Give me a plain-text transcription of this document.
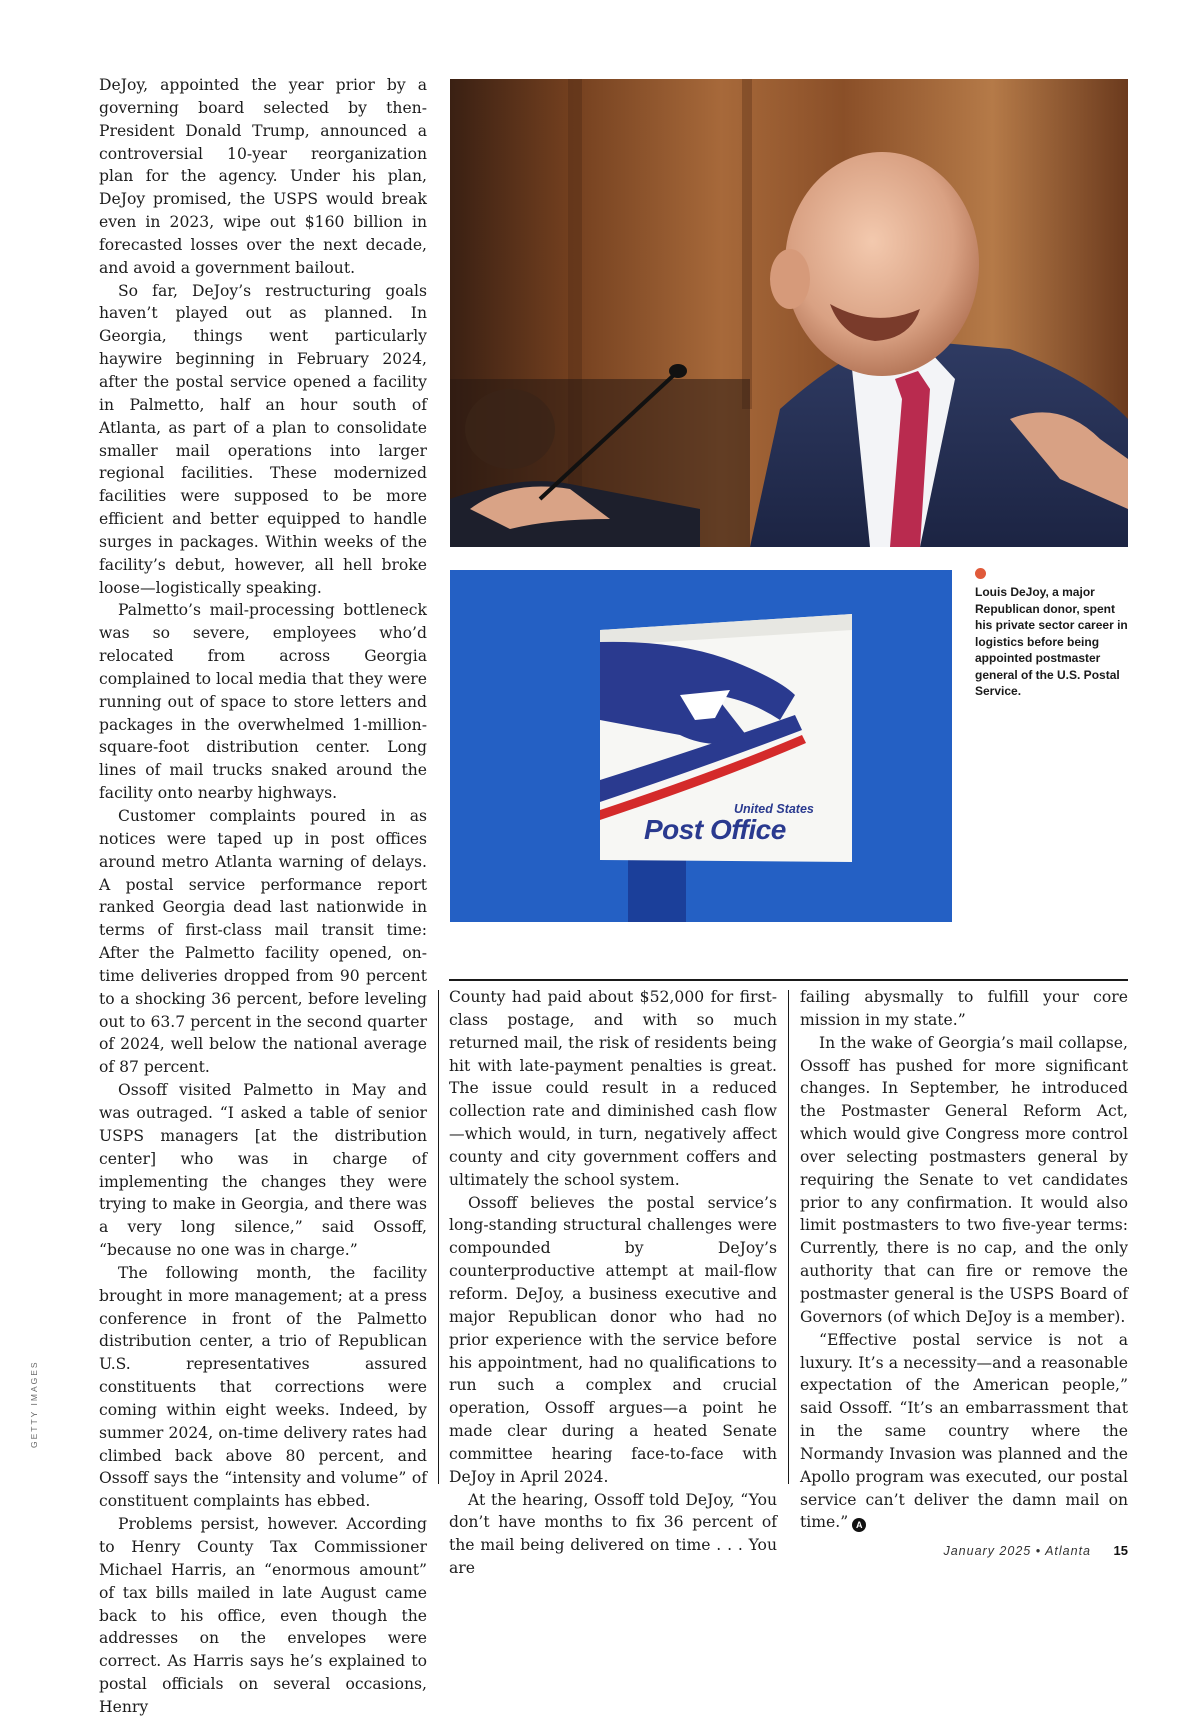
DeJoy, appointed the year prior by a governing board selected by then-President Donald Trump, announced a controversial 10-year reorganization plan for the agency. Under his plan, DeJoy promised, the USPS would break even in 2023, wipe out $160 billion in forecasted losses over the next decade, and avoid a government bailout.

So far, DeJoy’s restructuring goals haven’t played out as planned. In Georgia, things went particularly haywire beginning in February 2024, after the postal service opened a facility in Palmetto, half an hour south of Atlanta, as part of a plan to consolidate smaller mail operations into larger regional facilities. These modernized facilities were supposed to be more efficient and better equipped to handle surges in packages. Within weeks of the facility’s debut, however, all hell broke loose—logistically speaking.

Palmetto’s mail-processing bottleneck was so severe, employees who’d relocated from across Georgia complained to local media that they were running out of space to store letters and packages in the overwhelmed 1-million-square-foot distribution center. Long lines of mail trucks snaked around the facility onto nearby highways.

Customer complaints poured in as notices were taped up in post offices around metro Atlanta warning of delays. A postal service performance report ranked Georgia dead last nationwide in terms of first-class mail transit time: After the Palmetto facility opened, on-time deliveries dropped from 90 percent to a shocking 36 percent, before leveling out to 63.7 percent in the second quarter of 2024, well below the national average of 87 percent.

Ossoff visited Palmetto in May and was outraged. “I asked a table of senior USPS managers [at the distribution center] who was in charge of implementing the changes they were trying to make in Georgia, and there was a very long silence,” said Ossoff, “because no one was in charge.”

The following month, the facility brought in more management; at a press conference in front of the Palmetto distribution center, a trio of Republican U.S. representatives assured constituents that corrections were coming within eight weeks. Indeed, by summer 2024, on-time delivery rates had climbed back above 80 percent, and Ossoff says the “intensity and volume” of constituent complaints has ebbed.

Problems persist, however. According to Henry County Tax Commissioner Michael Harris, an “enormous amount” of tax bills mailed in late August came back to his office, even though the addresses on the envelopes were correct. As Harris says he’s explained to postal officials on several occasions, Henry

United States
Post Office
Louis DeJoy, a major Republican donor, spent his private sector career in logistics before being appointed postmaster general of the U.S. Postal Service.

County had paid about $52,000 for first-class postage, and with so much returned mail, the risk of residents being hit with late-payment penalties is great. The issue could result in a reduced collection rate and diminished cash flow—which would, in turn, negatively affect county and city government coffers and ultimately the school system.

Ossoff believes the postal service’s long-standing structural challenges were compounded by DeJoy’s counterproductive attempt at mail-flow reform. DeJoy, a business executive and major Republican donor who had no prior experience with the service before his appointment, had no qualifications to run such a complex and crucial operation, Ossoff argues—a point he made clear during a heated Senate committee hearing face-to-face with DeJoy in April 2024.

At the hearing, Ossoff told DeJoy, “You don’t have months to fix 36 percent of the mail being delivered on time . . . You are

failing abysmally to fulfill your core mission in my state.”

In the wake of Georgia’s mail collapse, Ossoff has pushed for more significant changes. In September, he introduced the Postmaster General Reform Act, which would give Congress more control over selecting postmasters general by requiring the Senate to vet candidates prior to any confirmation. It would also limit postmasters to two five-year terms: Currently, there is no cap, and the only authority that can fire or remove the postmaster general is the USPS Board of Governors (of which DeJoy is a member).

“Effective postal service is not a luxury. It’s a necessity—and a reasonable expectation of the American people,” said Ossoff. “It’s an embarrassment that in the same country where the Normandy Invasion was planned and the Apollo program was executed, our postal service can’t deliver the damn mail on time.” A

GETTY IMAGES
January 2025 • Atlanta 15
